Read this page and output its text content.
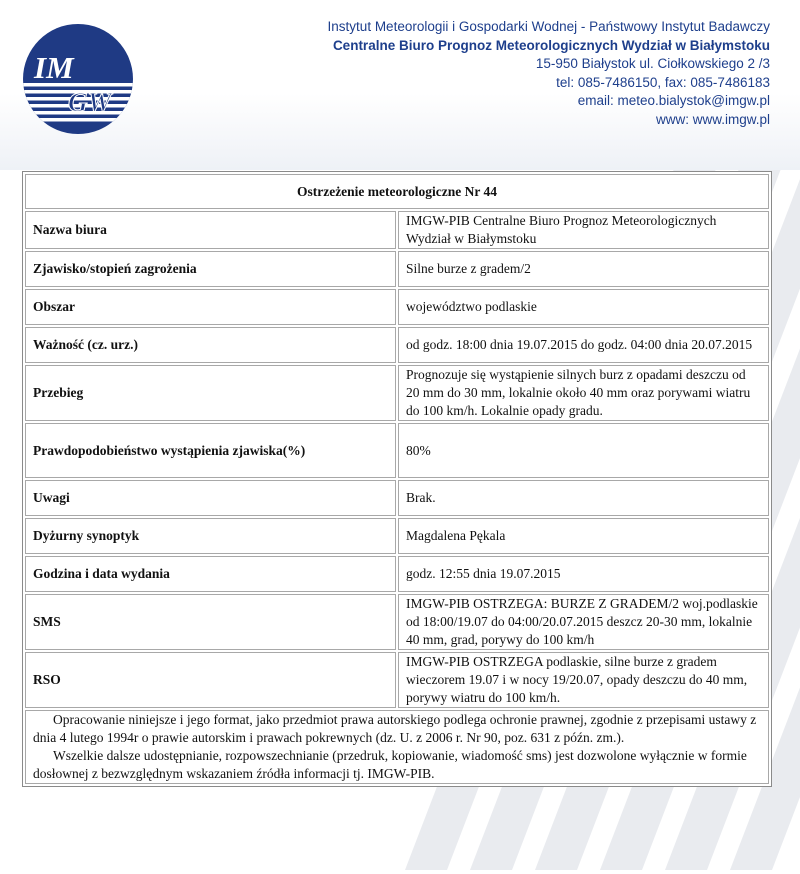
IM
GW
Instytut Meteorologii i Gospodarki Wodnej - Państwowy Instytut Badawczy
Centralne Biuro Prognoz Meteorologicznych Wydział w Białymstoku
15-950 Białystok ul. Ciołkowskiego 2 /3
tel: 085-7486150, fax: 085-7486183
email: meteo.bialystok@imgw.pl
www: www.imgw.pl
Ostrzeżenie meteorologiczne Nr 44	
Nazwa biura	IMGW-PIB Centralne Biuro Prognoz Meteorologicznych Wydział w Białymstoku
Zjawisko/stopień zagrożenia	Silne burze z gradem/2
Obszar	województwo podlaskie
Ważność (cz. urz.)	od godz. 18:00 dnia 19.07.2015 do godz. 04:00 dnia 20.07.2015
Przebieg	Prognozuje się wystąpienie silnych burz z opadami deszczu od 20 mm do 30 mm, lokalnie około 40 mm oraz porywami wiatru do 100 km/h. Lokalnie opady gradu.
Prawdopodobieństwo wystąpienia zjawiska(%)	80%
Uwagi	Brak.
Dyżurny synoptyk	Magdalena Pękala
Godzina i data wydania	godz. 12:55 dnia 19.07.2015
SMS	IMGW-PIB OSTRZEGA: BURZE Z GRADEM/2 woj.podlaskie od 18:00/19.07 do 04:00/20.07.2015 deszcz 20-30 mm, lokalnie 40 mm, grad, porywy do 100 km/h
RSO	IMGW-PIB OSTRZEGA podlaskie, silne burze z gradem wieczorem 19.07 i w nocy 19/20.07, opady deszczu do 40 mm, porywy wiatru do 100 km/h.

Opracowanie niniejsze i jego format, jako przedmiot prawa autorskiego podlega ochronie prawnej, zgodnie z przepisami ustawy z dnia 4 lutego 1994r o prawie autorskim i prawach pokrewnych (dz. U. z 2006 r. Nr 90, poz. 631 z późn. zm.).

Wszelkie dalsze udostępnianie, rozpowszechnianie (przedruk, kopiowanie, wiadomość sms) jest dozwolone wyłącznie w formie dosłownej z bezwzględnym wskazaniem źródła informacji tj. IMGW-PIB.	
